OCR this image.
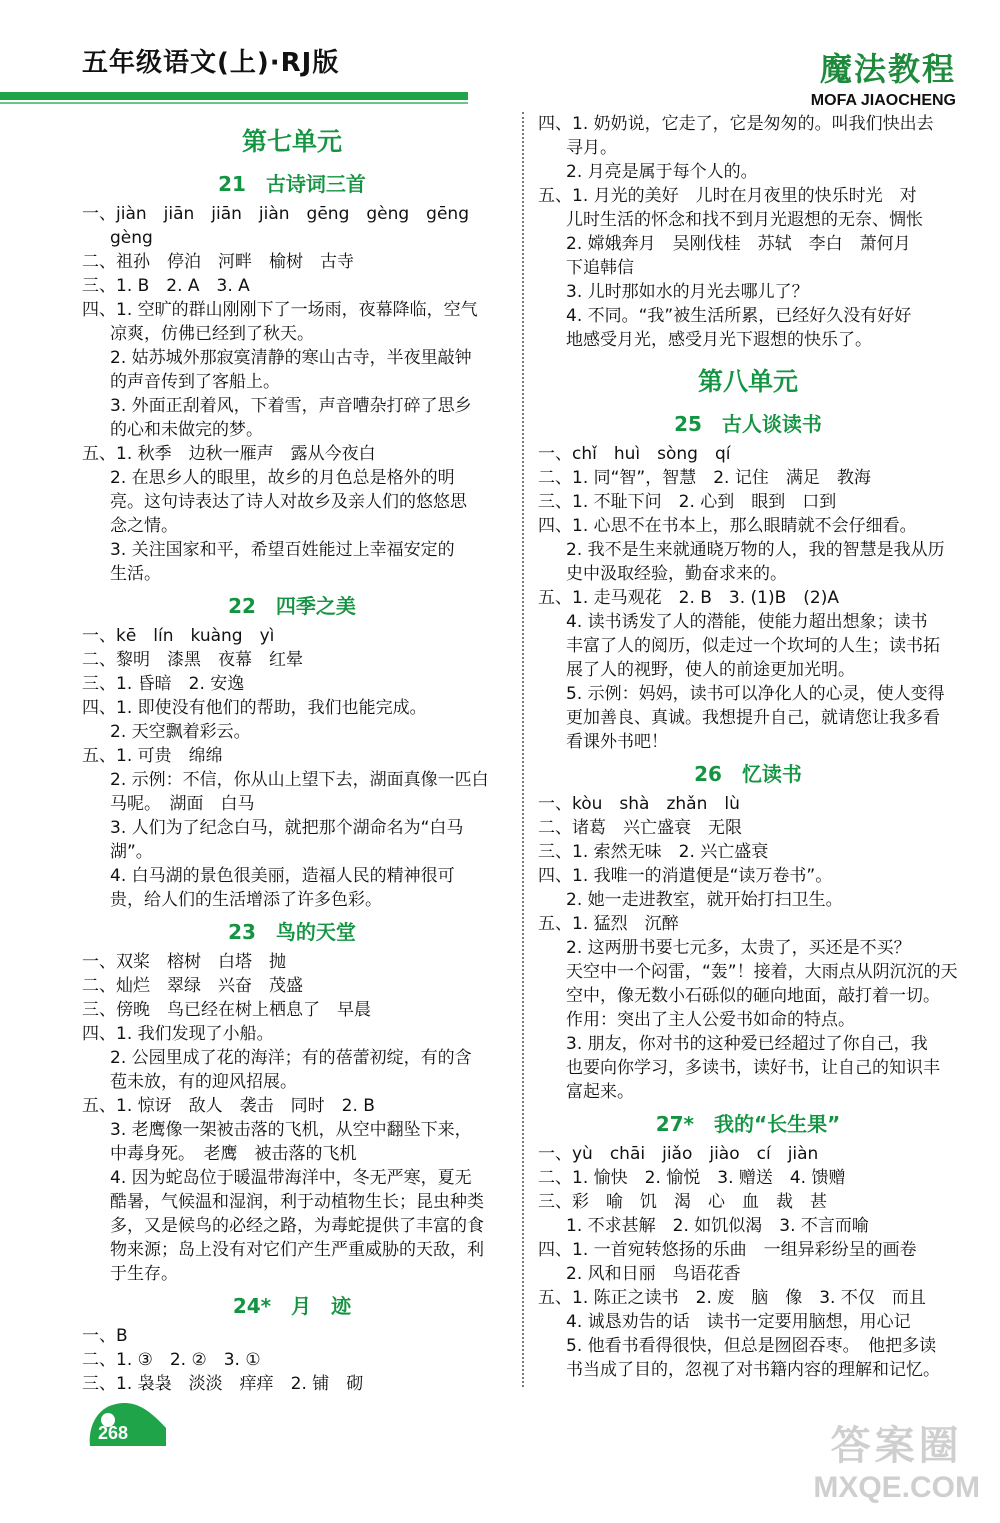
五年级语文(上)·RJ版	魔法教程
MOFA JIAOCHENG
第七单元
21　古诗词三首
一、jiàn　jiān　jiān　jiàn　gēng　gèng　gēng
gèng
二、祖孙　停泊　河畔　榆树　古寺
三、1. B　2. A　3. A
四、1. 空旷的群山刚刚下了一场雨，夜幕降临，空气
凉爽，仿佛已经到了秋天。
2. 姑苏城外那寂寞清静的寒山古寺，半夜里敲钟
的声音传到了客船上。
3. 外面正刮着风，下着雪，声音嘈杂打碎了思乡
的心和未做完的梦。
五、1. 秋季　边秋一雁声　露从今夜白
2. 在思乡人的眼里，故乡的月色总是格外的明
亮。这句诗表达了诗人对故乡及亲人们的悠悠思
念之情。
3. 关注国家和平，希望百姓能过上幸福安定的
生活。
22　四季之美
一、kē　lín　kuàng　yì
二、黎明　漆黑　夜幕　红晕
三、1. 昏暗　2. 安逸
四、1. 即使没有他们的帮助，我们也能完成。
2. 天空飘着彩云。
五、1. 可贵　绵绵
2. 示例：不信，你从山上望下去，湖面真像一匹白
马呢。　湖面　白马
3. 人们为了纪念白马，就把那个湖命名为“白马湖”。
4. 白马湖的景色很美丽，造福人民的精神很可
贵，给人们的生活增添了许多色彩。
23　鸟的天堂
一、双桨　榕树　白塔　抛
二、灿烂　翠绿　兴奋　茂盛
三、傍晚　鸟已经在树上栖息了　早晨
四、1. 我们发现了小船。
2. 公园里成了花的海洋；有的蓓蕾初绽，有的含
苞未放，有的迎风招展。
五、1. 惊讶　敌人　袭击　同时　2. B
3. 老鹰像一架被击落的飞机，从空中翻坠下来，
中毒身死。　老鹰　被击落的飞机
4. 因为蛇岛位于暖温带海洋中，冬无严寒，夏无
酷暑，气候温和湿润，利于动植物生长；昆虫种类
多，又是候鸟的必经之路，为毒蛇提供了丰富的食
物来源；岛上没有对它们产生严重威胁的天敌，利
于生存。
24*　月　迹
一、B
二、1. ③　2. ②　3. ①
三、1. 袅袅　淡淡　痒痒　2. 铺　砌
四、1. 奶奶说，它走了，它是匆匆的。叫我们快出去
寻月。
2. 月亮是属于每个人的。
五、1. 月光的美好　儿时在月夜里的快乐时光　对
儿时生活的怀念和找不到月光遐想的无奈、惆怅
2. 嫦娥奔月　吴刚伐桂　苏轼　李白　萧何月
下追韩信
3. 儿时那如水的月光去哪儿了？
4. 不同。“我”被生活所累，已经好久没有好好
地感受月光，感受月光下遐想的快乐了。
第八单元
25　古人谈读书
一、chǐ　huì　sòng　qí
二、1. 同“智”，智慧　2. 记住　满足　教海
三、1. 不耻下问　2. 心到　眼到　口到
四、1. 心思不在书本上，那么眼睛就不会仔细看。
2. 我不是生来就通晓万物的人，我的智慧是我从历
史中汲取经验，勤奋求来的。
五、1. 走马观花　2. B　3. (1)B　(2)A
4. 读书诱发了人的潜能，使能力超出想象；读书
丰富了人的阅历，似走过一个坎坷的人生；读书拓
展了人的视野，使人的前途更加光明。
5. 示例：妈妈，读书可以净化人的心灵，使人变得
更加善良、真诚。我想提升自己，就请您让我多看
看课外书吧！
26　忆读书
一、kòu　shà　zhǎn　lù
二、诸葛　兴亡盛衰　无限
三、1. 索然无味　2. 兴亡盛衰
四、1. 我唯一的消遣便是“读万卷书”。
2. 她一走进教室，就开始打扫卫生。
五、1. 猛烈　沉醉
2. 这两册书要七元多，太贵了，买还是不买？
天空中一个闷雷，“轰”！接着，大雨点从阴沉沉的天
空中，像无数小石砾似的砸向地面，敲打着一切。
作用：突出了主人公爱书如命的特点。
3. 朋友，你对书的这种爱已经超过了你自己，我
也要向你学习，多读书，读好书，让自己的知识丰
富起来。
27*　我的“长生果”
一、yù　chāi　jiǎo　jiào　cí　jiàn
二、1. 愉快　2. 愉悦　3. 赠送　4. 馈赠
三、彩　喻　饥　渴　心　血　裁　甚
1. 不求甚解　2. 如饥似渴　3. 不言而喻
四、1. 一首宛转悠扬的乐曲　一组异彩纷呈的画卷
2. 风和日丽　鸟语花香
五、1. 陈正之读书　2. 废　脑　像　3. 不仅　而且
4. 诚恳劝告的话　读书一定要用脑想，用心记
5. 他看书看得很快，但总是囫囵吞枣。　他把多读
书当成了目的，忽视了对书籍内容的理解和记忆。
268	答案圈
MXQE.COM
